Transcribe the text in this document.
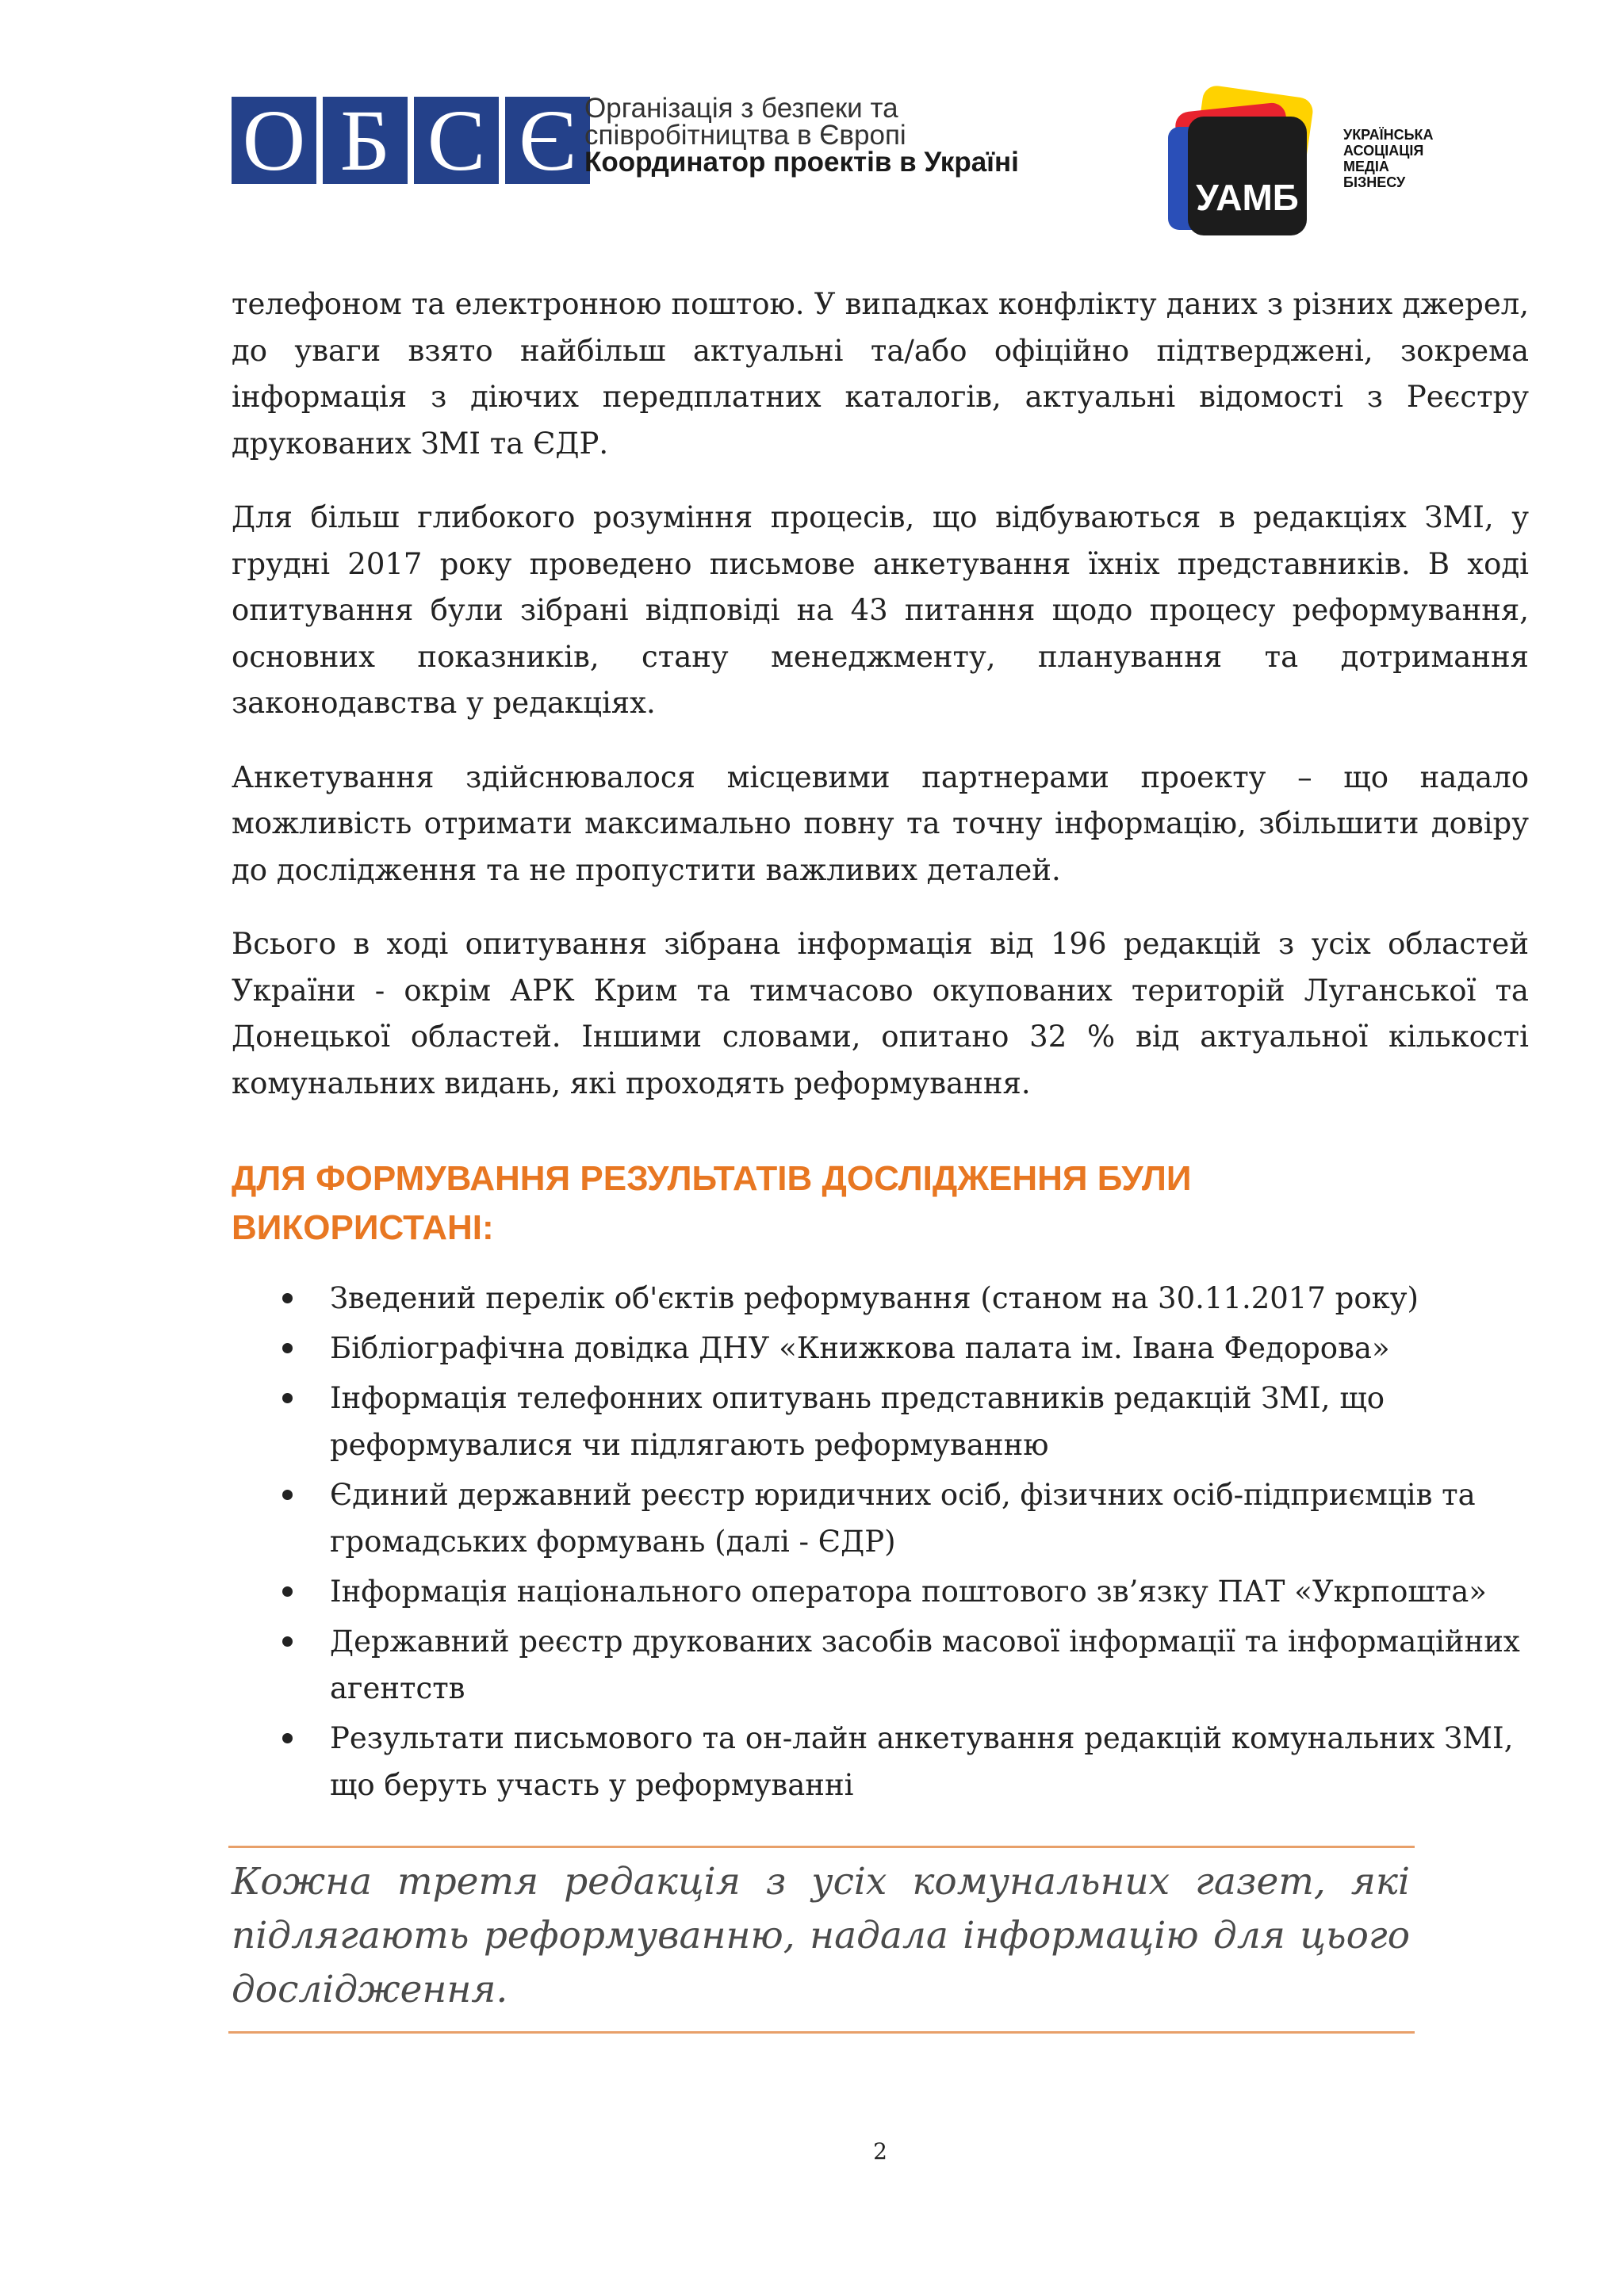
О Б С Є Організація з безпеки та
співробітництва в Європі
Координатор проектів в Україні
УАМБ
УКРАЇНСЬКА
АСОЦІАЦІЯ
МЕДІА
БІЗНЕСУ

телефоном та електронною поштою. У випадках конфлікту даних з різних джерел, до уваги взято найбільш актуальні та/або офіційно підтверджені, зокрема інформація з діючих передплатних каталогів, актуальні відомості з Реєстру друкованих ЗМІ та ЄДР.

Для більш глибокого розуміння процесів, що відбуваються в редакціях ЗМІ, у грудні 2017 року проведено письмове анкетування їхніх представників. В ході опитування були зібрані відповіді на 43 питання щодо процесу реформування, основних показників, стану менеджменту, планування та дотримання законодавства у редакціях.

Анкетування здійснювалося місцевими партнерами проекту – що надало можливість отримати максимально повну та точну інформацію, збільшити довіру до дослідження та не пропустити важливих деталей.

Всього в ході опитування зібрана інформація від 196 редакцій з усіх областей України - окрім АРК Крим та тимчасово окупованих територій Луганської та Донецької областей. Іншими словами, опитано 32 % від актуальної кількості комунальних видань, які проходять реформування.

ДЛЯ ФОРМУВАННЯ РЕЗУЛЬТАТІВ ДОСЛІДЖЕННЯ БУЛИ
ВИКОРИСТАНІ:
Зведений перелік об'єктів реформування (станом на 30.11.2017 року)
Бібліографічна довідка ДНУ «Книжкова палата ім. Івана Федорова»
Інформація телефонних опитувань представників редакцій ЗМІ, що реформувалися чи підлягають реформуванню
Єдиний державний реєстр юридичних осіб, фізичних осіб-підприємців та громадських формувань (далі - ЄДР)
Інформація національного оператора поштового зв’язку ПАТ «Укрпошта»
Державний реєстр друкованих засобів масової інформації та інформаційних агентств
Результати письмового та он-лайн анкетування редакцій комунальних ЗМІ, що беруть участь у реформуванні
Кожна третя редакція з усіх комунальних газет, які підлягають реформуванню, надала інформацію для цього дослідження.
2
